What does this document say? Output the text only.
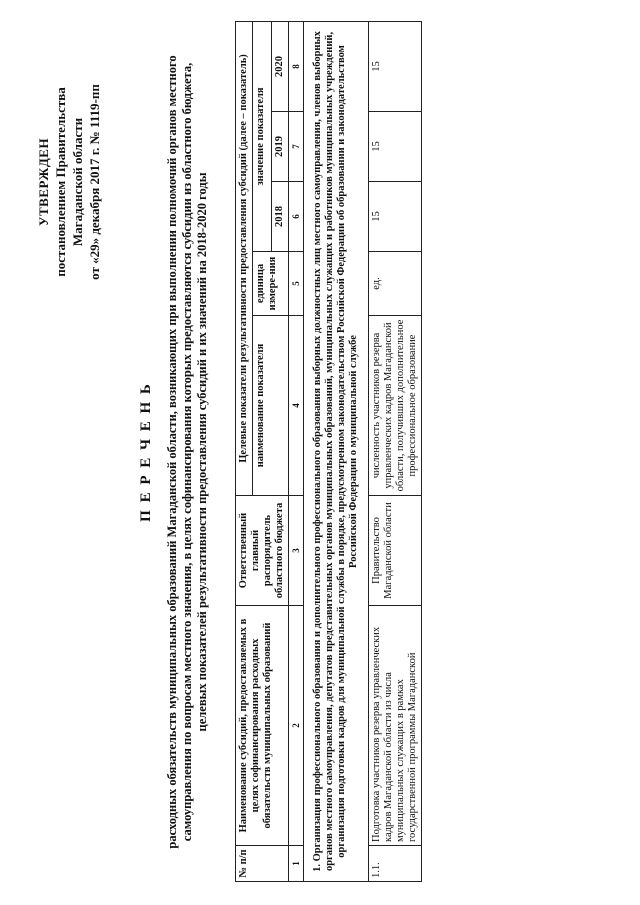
УТВЕРЖДЕН постановлением Правительства Магаданской области от «29» декабря 2017 г. № 1119-пп
П Е Р Е Ч Е Н Ь расходных обязательств муниципальных образований Магаданской области, возникающих при выполнении полномочий органов местного самоуправления по вопросам местного значения, в целях софинансирования которых предоставляются субсидии из областного бюджета, целевых показателей результативности предоставления субсидий и их значений на 2018-2020 годы
№ п/п	Наименование субсидий, предоставляемых в целях софинансирования расходных обязательств муниципальных образований	Ответственный главный распорядитель областного бюджета	Целевые показатели результативности предоставления субсидий (далее – показатель)				
			наименование показателя	единица измере-ния	значение показателя		
					2018	2019	2020
1	2	3	4	5	6	7	8
1. Организация профессионального образования и дополнительного профессионального образования выборных должностных лиц местного самоуправления, членов выборных органов местного самоуправления, депутатов представительных органов муниципальных образований, муниципальных служащих и работников муниципальных учреждений, организация подготовки кадров для муниципальной службы в порядке, предусмотренном законодательством Российской Федерации об образовании и законодательством Российской Федерации о муниципальной службе							
1.1.	Подготовка участников резерва управленческих кадров Магаданской области из числа муниципальных служащих в рамках государственной программы Магаданской	Правительство Магаданской области	численность участников резерва управленческих кадров Магаданской области, получивших дополнительное профессиональное образование	ед.	15	15	15
